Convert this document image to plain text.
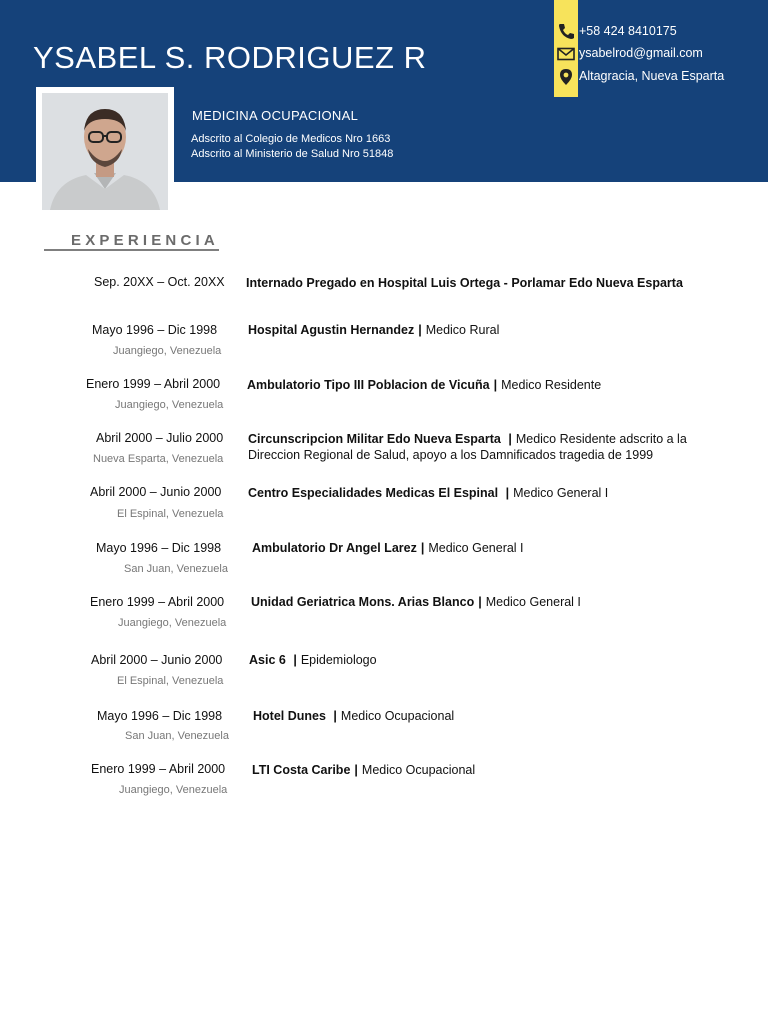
YSABEL S. RODRIGUEZ R
MEDICINA OCUPACIONAL
Adscrito al Colegio de Medicos Nro 1663
Adscrito al Ministerio de Salud Nro 51848
+58 424 8410175
ysabelrod@gmail.com
Altagracia, Nueva Esparta
EXPERIENCIA
Sep. 20XX – Oct. 20XX Internado Pregado en Hospital Luis Ortega - Porlamar Edo Nueva Esparta
Mayo 1996 – Dic 1998
Juangiego, Venezuela
Hospital Agustin Hernandez | Medico Rural
Enero 1999 – Abril 2000
Juangiego, Venezuela
Ambulatorio Tipo III Poblacion de Vicuña | Medico Residente
Abril 2000 – Julio 2000
Nueva Esparta, Venezuela
Circunscripcion Militar Edo Nueva Esparta | Medico Residente adscrito a la Direccion Regional de Salud, apoyo a los Damnificados tragedia de 1999
Abril 2000 – Junio 2000
El Espinal, Venezuela
Centro Especialidades Medicas El Espinal | Medico General I
Mayo 1996 – Dic 1998
San Juan, Venezuela
Ambulatorio Dr Angel Larez | Medico General I
Enero 1999 – Abril 2000
Juangiego, Venezuela
Unidad Geriatrica Mons. Arias Blanco | Medico General I
Abril 2000 – Junio 2000
El Espinal, Venezuela
Asic 6 | Epidemiologo
Mayo 1996 – Dic 1998
San Juan, Venezuela
Hotel Dunes | Medico Ocupacional
Enero 1999 – Abril 2000
Juangiego, Venezuela
LTI Costa Caribe | Medico Ocupacional
